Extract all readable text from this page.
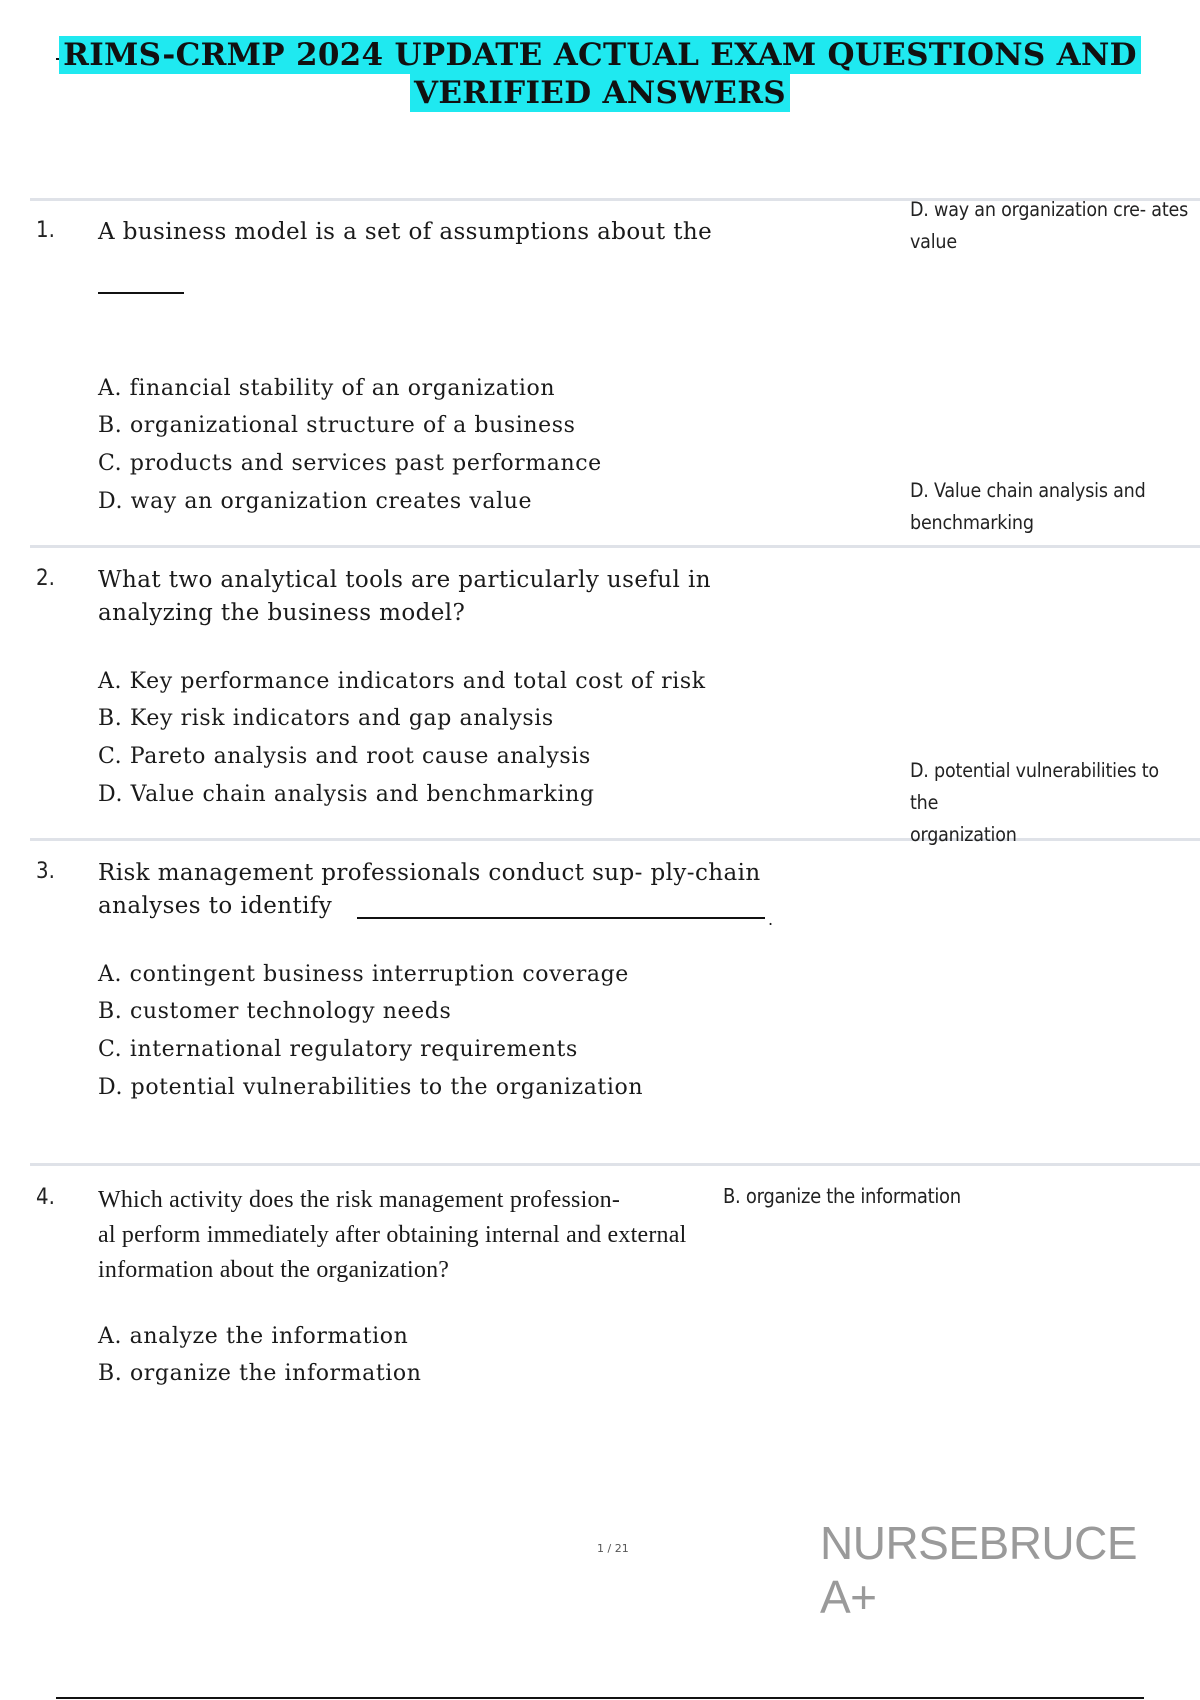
RIMS-CRMP 2024 UPDATE ACTUAL EXAM QUESTIONS AND
VERIFIED ANSWERS
1. A business model is a set of assumptions about the
A. financial stability of an organization
B. organizational structure of a business
C. products and services past performance
D. way an organization creates value
D. way an organization cre- ates
value
2. What two analytical tools are particularly useful in
analyzing the business model?
A. Key performance indicators and total cost of risk
B. Key risk indicators and gap analysis
C. Pareto analysis and root cause analysis
D. Value chain analysis and benchmarking
D. Value chain analysis and
benchmarking
3. Risk management professionals conduct sup- ply-chain
analyses to identify
.
A. contingent business interruption coverage
B. customer technology needs
C. international regulatory requirements
D. potential vulnerabilities to the organization
D. potential vulnerabilities to the
organization
4. Which activity does the risk management profession-
al perform immediately after obtaining internal and external
information about the organization?
B. organize the information
A. analyze the information
B. organize the information
1 / 21	NURSEBRUCE A+
